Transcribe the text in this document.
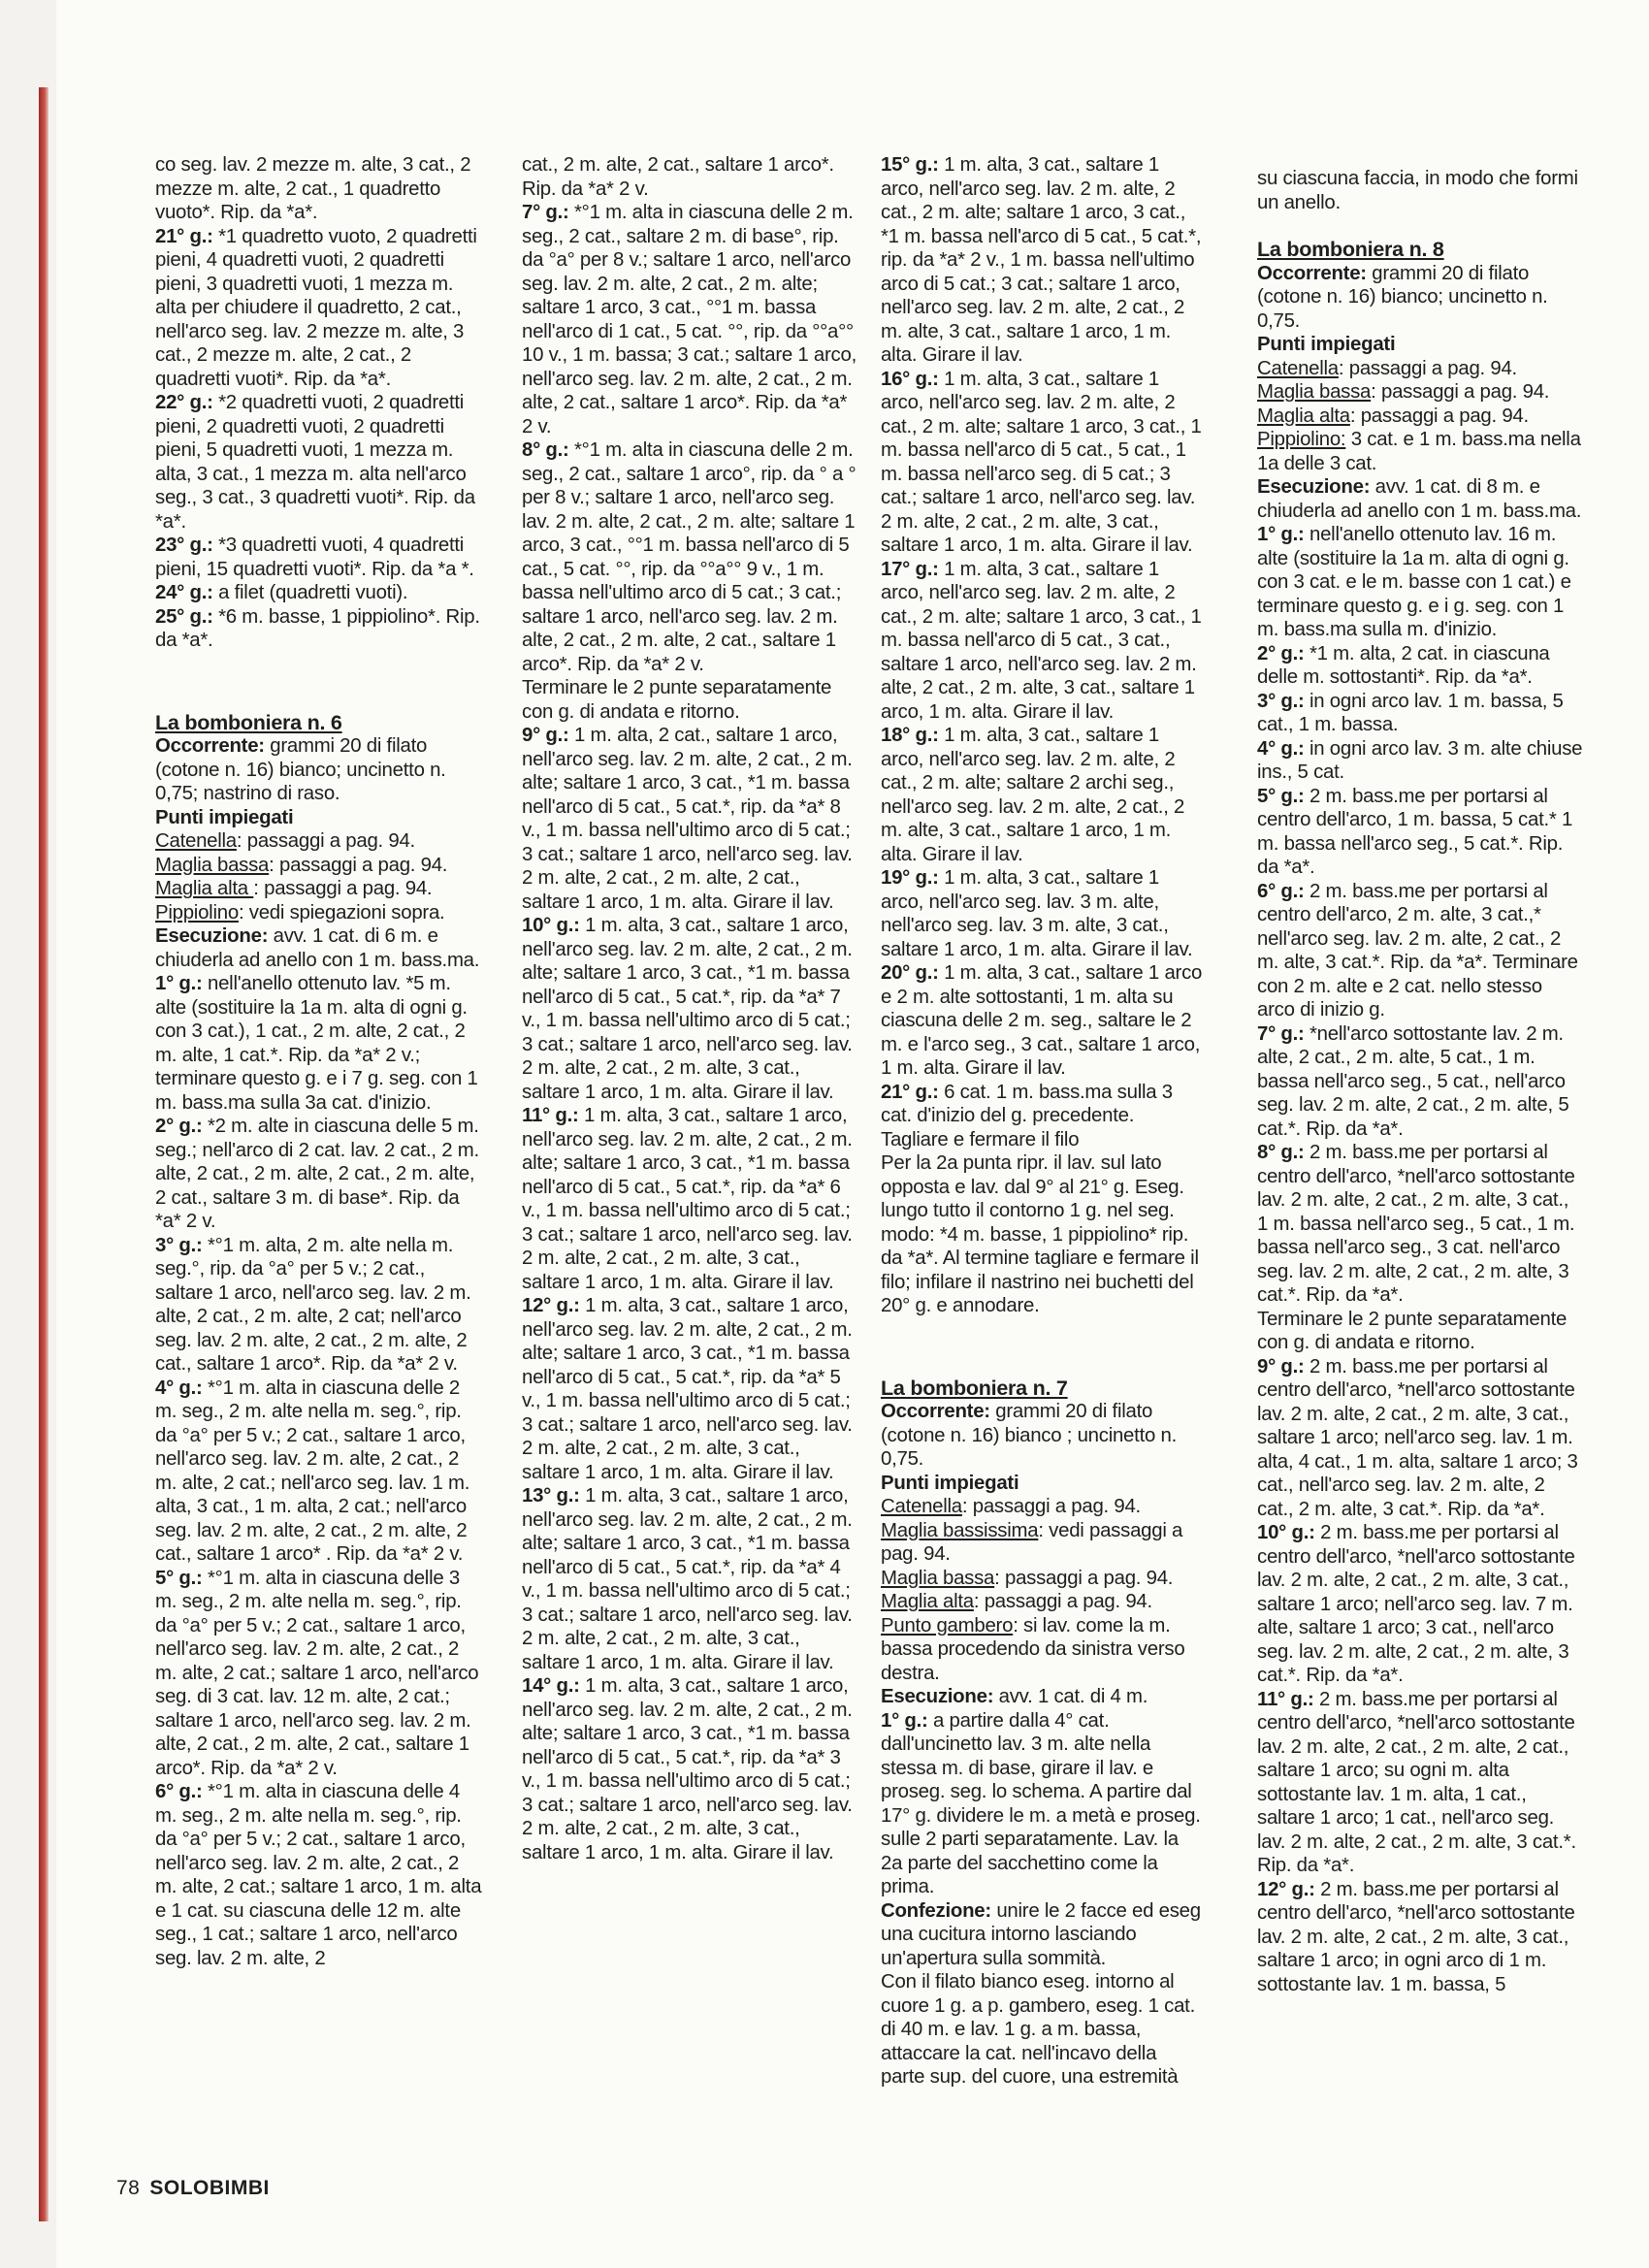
co seg. lav. 2 mezze m. alte, 3 cat., 2 mezze m. alte, 2 cat., 1 quadretto vuoto*. Rip. da *a*.

21° g.: *1 quadretto vuoto, 2 quadretti pieni, 4 quadretti vuoti, 2 quadretti pieni, 3 quadretti vuoti, 1 mezza m. alta per chiudere il quadretto, 2 cat., nell'arco seg. lav. 2 mezze m. alte, 3 cat., 2 mezze m. alte, 2 cat., 2 quadretti vuoti*. Rip. da *a*.

22° g.: *2 quadretti vuoti, 2 quadretti pieni, 2 quadretti vuoti, 2 quadretti pieni, 5 quadretti vuoti, 1 mezza m. alta, 3 cat., 1 mezza m. alta nell'arco seg., 3 cat., 3 quadretti vuoti*. Rip. da *a*.

23° g.: *3 quadretti vuoti, 4 quadretti pieni, 15 quadretti vuoti*. Rip. da *a *.

24° g.: a filet (quadretti vuoti).

25° g.: *6 m. basse, 1 pippiolino*. Rip. da *a*.

La bomboniera n. 6

Occorrente: grammi 20 di filato (cotone n. 16) bianco; uncinetto n. 0,75; nastrino di raso.

Punti impiegati

Catenella: passaggi a pag. 94.

Maglia bassa: passaggi a pag. 94.

Maglia alta : passaggi a pag. 94.

Pippiolino: vedi spiegazioni sopra.

Esecuzione: avv. 1 cat. di 6 m. e chiuderla ad anello con 1 m. bass.ma.

1° g.: nell'anello ottenuto lav. *5 m. alte (sostituire la 1a m. alta di ogni g. con 3 cat.), 1 cat., 2 m. alte, 2 cat., 2 m. alte, 1 cat.*. Rip. da *a* 2 v.; terminare questo g. e i 7 g. seg. con 1 m. bass.ma sulla 3a cat. d'inizio.

2° g.: *2 m. alte in ciascuna delle 5 m. seg.; nell'arco di 2 cat. lav. 2 cat., 2 m. alte, 2 cat., 2 m. alte, 2 cat., 2 m. alte, 2 cat., saltare 3 m. di base*. Rip. da *a* 2 v.

3° g.: *°1 m. alta, 2 m. alte nella m. seg.°, rip. da °a° per 5 v.; 2 cat., saltare 1 arco, nell'arco seg. lav. 2 m. alte, 2 cat., 2 m. alte, 2 cat; nell'arco seg. lav. 2 m. alte, 2 cat., 2 m. alte, 2 cat., saltare 1 arco*. Rip. da *a* 2 v.

4° g.: *°1 m. alta in ciascuna delle 2 m. seg., 2 m. alte nella m. seg.°, rip. da °a° per 5 v.; 2 cat., saltare 1 arco, nell'arco seg. lav. 2 m. alte, 2 cat., 2 m. alte, 2 cat.; nell'arco seg. lav. 1 m. alta, 3 cat., 1 m. alta, 2 cat.; nell'arco seg. lav. 2 m. alte, 2 cat., 2 m. alte, 2 cat., saltare 1 arco* . Rip. da *a* 2 v.

5° g.: *°1 m. alta in ciascuna delle 3 m. seg., 2 m. alte nella m. seg.°, rip. da °a° per 5 v.; 2 cat., saltare 1 arco, nell'arco seg. lav. 2 m. alte, 2 cat., 2 m. alte, 2 cat.; saltare 1 arco, nell'arco seg. di 3 cat. lav. 12 m. alte, 2 cat.; saltare 1 arco, nell'arco seg. lav. 2 m. alte, 2 cat., 2 m. alte, 2 cat., saltare 1 arco*. Rip. da *a* 2 v.

6° g.: *°1 m. alta in ciascuna delle 4 m. seg., 2 m. alte nella m. seg.°, rip. da °a° per 5 v.; 2 cat., saltare 1 arco, nell'arco seg. lav. 2 m. alte, 2 cat., 2 m. alte, 2 cat.; saltare 1 arco, 1 m. alta e 1 cat. su ciascuna delle 12 m. alte seg., 1 cat.; saltare 1 arco, nell'arco seg. lav. 2 m. alte, 2

cat., 2 m. alte, 2 cat., saltare 1 arco*. Rip. da *a* 2 v.

7° g.: *°1 m. alta in ciascuna delle 2 m. seg., 2 cat., saltare 2 m. di base°, rip. da °a° per 8 v.; saltare 1 arco, nell'arco seg. lav. 2 m. alte, 2 cat., 2 m. alte; saltare 1 arco, 3 cat., °°1 m. bassa nell'arco di 1 cat., 5 cat. °°, rip. da °°a°° 10 v., 1 m. bassa; 3 cat.; saltare 1 arco, nell'arco seg. lav. 2 m. alte, 2 cat., 2 m. alte, 2 cat., saltare 1 arco*. Rip. da *a* 2 v.

8° g.: *°1 m. alta in ciascuna delle 2 m. seg., 2 cat., saltare 1 arco°, rip. da ° a ° per 8 v.; saltare 1 arco, nell'arco seg. lav. 2 m. alte, 2 cat., 2 m. alte; saltare 1 arco, 3 cat., °°1 m. bassa nell'arco di 5 cat., 5 cat. °°, rip. da °°a°° 9 v., 1 m. bassa nell'ultimo arco di 5 cat.; 3 cat.; saltare 1 arco, nell'arco seg. lav. 2 m. alte, 2 cat., 2 m. alte, 2 cat., saltare 1 arco*. Rip. da *a* 2 v.

Terminare le 2 punte separatamente con g. di andata e ritorno.

9° g.: 1 m. alta, 2 cat., saltare 1 arco, nell'arco seg. lav. 2 m. alte, 2 cat., 2 m. alte; saltare 1 arco, 3 cat., *1 m. bassa nell'arco di 5 cat., 5 cat.*, rip. da *a* 8 v., 1 m. bassa nell'ultimo arco di 5 cat.; 3 cat.; saltare 1 arco, nell'arco seg. lav. 2 m. alte, 2 cat., 2 m. alte, 2 cat., saltare 1 arco, 1 m. alta. Girare il lav.

10° g.: 1 m. alta, 3 cat., saltare 1 arco, nell'arco seg. lav. 2 m. alte, 2 cat., 2 m. alte; saltare 1 arco, 3 cat., *1 m. bassa nell'arco di 5 cat., 5 cat.*, rip. da *a* 7 v., 1 m. bassa nell'ultimo arco di 5 cat.; 3 cat.; saltare 1 arco, nell'arco seg. lav. 2 m. alte, 2 cat., 2 m. alte, 3 cat., saltare 1 arco, 1 m. alta. Girare il lav.

11° g.: 1 m. alta, 3 cat., saltare 1 arco, nell'arco seg. lav. 2 m. alte, 2 cat., 2 m. alte; saltare 1 arco, 3 cat., *1 m. bassa nell'arco di 5 cat., 5 cat.*, rip. da *a* 6 v., 1 m. bassa nell'ultimo arco di 5 cat.; 3 cat.; saltare 1 arco, nell'arco seg. lav. 2 m. alte, 2 cat., 2 m. alte, 3 cat., saltare 1 arco, 1 m. alta. Girare il lav.

12° g.: 1 m. alta, 3 cat., saltare 1 arco, nell'arco seg. lav. 2 m. alte, 2 cat., 2 m. alte; saltare 1 arco, 3 cat., *1 m. bassa nell'arco di 5 cat., 5 cat.*, rip. da *a* 5 v., 1 m. bassa nell'ultimo arco di 5 cat.; 3 cat.; saltare 1 arco, nell'arco seg. lav. 2 m. alte, 2 cat., 2 m. alte, 3 cat., saltare 1 arco, 1 m. alta. Girare il lav.

13° g.: 1 m. alta, 3 cat., saltare 1 arco, nell'arco seg. lav. 2 m. alte, 2 cat., 2 m. alte; saltare 1 arco, 3 cat., *1 m. bassa nell'arco di 5 cat., 5 cat.*, rip. da *a* 4 v., 1 m. bassa nell'ultimo arco di 5 cat.; 3 cat.; saltare 1 arco, nell'arco seg. lav. 2 m. alte, 2 cat., 2 m. alte, 3 cat., saltare 1 arco, 1 m. alta. Girare il lav.

14° g.: 1 m. alta, 3 cat., saltare 1 arco, nell'arco seg. lav. 2 m. alte, 2 cat., 2 m. alte; saltare 1 arco, 3 cat., *1 m. bassa nell'arco di 5 cat., 5 cat.*, rip. da *a* 3 v., 1 m. bassa nell'ultimo arco di 5 cat.; 3 cat.; saltare 1 arco, nell'arco seg. lav. 2 m. alte, 2 cat., 2 m. alte, 3 cat., saltare 1 arco, 1 m. alta. Girare il lav.

15° g.: 1 m. alta, 3 cat., saltare 1 arco, nell'arco seg. lav. 2 m. alte, 2 cat., 2 m. alte; saltare 1 arco, 3 cat., *1 m. bassa nell'arco di 5 cat., 5 cat.*, rip. da *a* 2 v., 1 m. bassa nell'ultimo arco di 5 cat.; 3 cat.; saltare 1 arco, nell'arco seg. lav. 2 m. alte, 2 cat., 2 m. alte, 3 cat., saltare 1 arco, 1 m. alta. Girare il lav.

16° g.: 1 m. alta, 3 cat., saltare 1 arco, nell'arco seg. lav. 2 m. alte, 2 cat., 2 m. alte; saltare 1 arco, 3 cat., 1 m. bassa nell'arco di 5 cat., 5 cat., 1 m. bassa nell'arco seg. di 5 cat.; 3 cat.; saltare 1 arco, nell'arco seg. lav. 2 m. alte, 2 cat., 2 m. alte, 3 cat., saltare 1 arco, 1 m. alta. Girare il lav.

17° g.: 1 m. alta, 3 cat., saltare 1 arco, nell'arco seg. lav. 2 m. alte, 2 cat., 2 m. alte; saltare 1 arco, 3 cat., 1 m. bassa nell'arco di 5 cat., 3 cat., saltare 1 arco, nell'arco seg. lav. 2 m. alte, 2 cat., 2 m. alte, 3 cat., saltare 1 arco, 1 m. alta. Girare il lav.

18° g.: 1 m. alta, 3 cat., saltare 1 arco, nell'arco seg. lav. 2 m. alte, 2 cat., 2 m. alte; saltare 2 archi seg., nell'arco seg. lav. 2 m. alte, 2 cat., 2 m. alte, 3 cat., saltare 1 arco, 1 m. alta. Girare il lav.

19° g.: 1 m. alta, 3 cat., saltare 1 arco, nell'arco seg. lav. 3 m. alte, nell'arco seg. lav. 3 m. alte, 3 cat., saltare 1 arco, 1 m. alta. Girare il lav.

20° g.: 1 m. alta, 3 cat., saltare 1 arco e 2 m. alte sottostanti, 1 m. alta su ciascuna delle 2 m. seg., saltare le 2 m. e l'arco seg., 3 cat., saltare 1 arco, 1 m. alta. Girare il lav.

21° g.: 6 cat. 1 m. bass.ma sulla 3 cat. d'inizio del g. precedente. Tagliare e fermare il filo

Per la 2a punta ripr. il lav. sul lato opposta e lav. dal 9° al 21° g. Eseg. lungo tutto il contorno 1 g. nel seg. modo: *4 m. basse, 1 pippiolino* rip. da *a*. Al termine tagliare e fermare il filo; infilare il nastrino nei buchetti del 20° g. e annodare.

La bomboniera n. 7

Occorrente: grammi 20 di filato (cotone n. 16) bianco ; uncinetto n. 0,75.

Punti impiegati

Catenella: passaggi a pag. 94.

Maglia bassissima: vedi passaggi a pag. 94.

Maglia bassa: passaggi a pag. 94.

Maglia alta: passaggi a pag. 94.

Punto gambero: si lav. come la m. bassa procedendo da sinistra verso destra.

Esecuzione: avv. 1 cat. di 4 m.

1° g.: a partire dalla 4° cat. dall'uncinetto lav. 3 m. alte nella stessa m. di base, girare il lav. e proseg. seg. lo schema. A partire dal 17° g. dividere le m. a metà e proseg. sulle 2 parti separatamente. Lav. la 2a parte del sacchettino come la prima.

Confezione: unire le 2 facce ed eseg una cucitura intorno lasciando un'apertura sulla sommità.

Con il filato bianco eseg. intorno al cuore 1 g. a p. gambero, eseg. 1 cat. di 40 m. e lav. 1 g. a m. bassa, attaccare la cat. nell'incavo della parte sup. del cuore, una estremità

su ciascuna faccia, in modo che formi un anello.

La bomboniera n. 8

Occorrente: grammi 20 di filato (cotone n. 16) bianco; uncinetto n. 0,75.

Punti impiegati

Catenella: passaggi a pag. 94.

Maglia bassa: passaggi a pag. 94.

Maglia alta: passaggi a pag. 94.

Pippiolino: 3 cat. e 1 m. bass.ma nella 1a delle 3 cat.

Esecuzione: avv. 1 cat. di 8 m. e chiuderla ad anello con 1 m. bass.ma.

1° g.: nell'anello ottenuto lav. 16 m. alte (sostituire la 1a m. alta di ogni g. con 3 cat. e le m. basse con 1 cat.) e terminare questo g. e i g. seg. con 1 m. bass.ma sulla m. d'inizio.

2° g.: *1 m. alta, 2 cat. in ciascuna delle m. sottostanti*. Rip. da *a*.

3° g.: in ogni arco lav. 1 m. bassa, 5 cat., 1 m. bassa.

4° g.: in ogni arco lav. 3 m. alte chiuse ins., 5 cat.

5° g.: 2 m. bass.me per portarsi al centro dell'arco, 1 m. bassa, 5 cat.* 1 m. bassa nell'arco seg., 5 cat.*. Rip. da *a*.

6° g.: 2 m. bass.me per portarsi al centro dell'arco, 2 m. alte, 3 cat.,* nell'arco seg. lav. 2 m. alte, 2 cat., 2 m. alte, 3 cat.*. Rip. da *a*. Terminare con 2 m. alte e 2 cat. nello stesso arco di inizio g.

7° g.: *nell'arco sottostante lav. 2 m. alte, 2 cat., 2 m. alte, 5 cat., 1 m. bassa nell'arco seg., 5 cat., nell'arco seg. lav. 2 m. alte, 2 cat., 2 m. alte, 5 cat.*. Rip. da *a*.

8° g.: 2 m. bass.me per portarsi al centro dell'arco, *nell'arco sottostante lav. 2 m. alte, 2 cat., 2 m. alte, 3 cat., 1 m. bassa nell'arco seg., 5 cat., 1 m. bassa nell'arco seg., 3 cat. nell'arco seg. lav. 2 m. alte, 2 cat., 2 m. alte, 3 cat.*. Rip. da *a*.

Terminare le 2 punte separatamente con g. di andata e ritorno.

9° g.: 2 m. bass.me per portarsi al centro dell'arco, *nell'arco sottostante lav. 2 m. alte, 2 cat., 2 m. alte, 3 cat., saltare 1 arco; nell'arco seg. lav. 1 m. alta, 4 cat., 1 m. alta, saltare 1 arco; 3 cat., nell'arco seg. lav. 2 m. alte, 2 cat., 2 m. alte, 3 cat.*. Rip. da *a*.

10° g.: 2 m. bass.me per portarsi al centro dell'arco, *nell'arco sottostante lav. 2 m. alte, 2 cat., 2 m. alte, 3 cat., saltare 1 arco; nell'arco seg. lav. 7 m. alte, saltare 1 arco; 3 cat., nell'arco seg. lav. 2 m. alte, 2 cat., 2 m. alte, 3 cat.*. Rip. da *a*.

11° g.: 2 m. bass.me per portarsi al centro dell'arco, *nell'arco sottostante lav. 2 m. alte, 2 cat., 2 m. alte, 2 cat., saltare 1 arco; su ogni m. alta sottostante lav. 1 m. alta, 1 cat., saltare 1 arco; 1 cat., nell'arco seg. lav. 2 m. alte, 2 cat., 2 m. alte, 3 cat.*. Rip. da *a*.

12° g.: 2 m. bass.me per portarsi al centro dell'arco, *nell'arco sottostante lav. 2 m. alte, 2 cat., 2 m. alte, 3 cat., saltare 1 arco; in ogni arco di 1 m. sottostante lav. 1 m. bassa, 5

78 SOLOBIMBI
